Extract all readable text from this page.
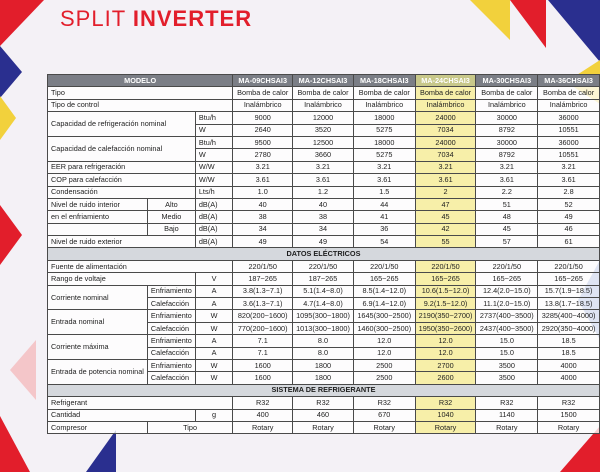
SPLIT INVERTER
MODELO			MA-09CHSAI3	MA-12CHSAI3	MA-18CHSAI3	MA-24CHSAI3	MA-30CHSAI3	MA-36CHSAI3
Tipo			Bomba de calor	Bomba de calor	Bomba de calor	Bomba de calor	Bomba de calor	Bomba de calor
Tipo de control			Inalámbrico	Inalámbrico	Inalámbrico	Inalámbrico	Inalámbrico	Inalámbrico
Capacidad de refrigeración nominal		Btu/h	9000	12000	18000	24000	30000	36000
		W	2640	3520	5275	7034	8792	10551
Capacidad de calefacción nominal		Btu/h	9500	12500	18000	24000	30000	36000
		W	2780	3660	5275	7034	8792	10551
EER para refrigeración		W/W	3.21	3.21	3.21	3.21	3.21	3.21
COP para calefacción		W/W	3.61	3.61	3.61	3.61	3.61	3.61
Condensación		Lts/h	1.0	1.2	1.5	2	2.2	2.8
Nivel de ruido interior	Alto	dB(A)	40	40	44	47	51	52
en el enfriamiento	Medio	dB(A)	38	38	41	45	48	49
	Bajo	dB(A)	34	34	36	42	45	46
Nivel de ruido exterior		dB(A)	49	49	54	55	57	61
DATOS ELÉCTRICOS								
Fuente de alimentación			220/1/50	220/1/50	220/1/50	220/1/50	220/1/50	220/1/50
Rango de voltaje		V	187~265	187~265	165~265	165~265	165~265	165~265
Corriente nominal	Enfriamiento	A	3.8(1.3~7.1)	5.1(1.4~8.0)	8.5(1.4~12.0)	10.6(1.5~12.0)	12.4(2.0~15.0)	15.7(1.9~18.5)
	Calefacción	A	3.6(1.3~7.1)	4.7(1.4~8.0)	6.9(1.4~12.0)	9.2(1.5~12.0)	11.1(2.0~15.0)	13.8(1.7~18.5)
Entrada nominal	Enfriamiento	W	820(200~1600)	1095(300~1800)	1645(300~2500)	2190(350~2700)	2737(400~3500)	3285(400~4000)
	Calefacción	W	770(200~1600)	1013(300~1800)	1460(300~2500)	1950(350~2600)	2437(400~3500)	2920(350~4000)
Corriente máxima	Enfriamiento	A	7.1	8.0	12.0	12.0	15.0	18.5
	Calefacción	A	7.1	8.0	12.0	12.0	15.0	18.5
Entrada de potencia nominal	Enfriamiento	W	1600	1800	2500	2700	3500	4000
	Calefacción	W	1600	1800	2500	2600	3500	4000
SISTEMA DE REFRIGERANTE								
Refrigerant			R32	R32	R32	R32	R32	R32
Cantidad		g	400	460	670	1040	1140	1500
Compresor	Tipo		Rotary	Rotary	Rotary	Rotary	Rotary	Rotary
